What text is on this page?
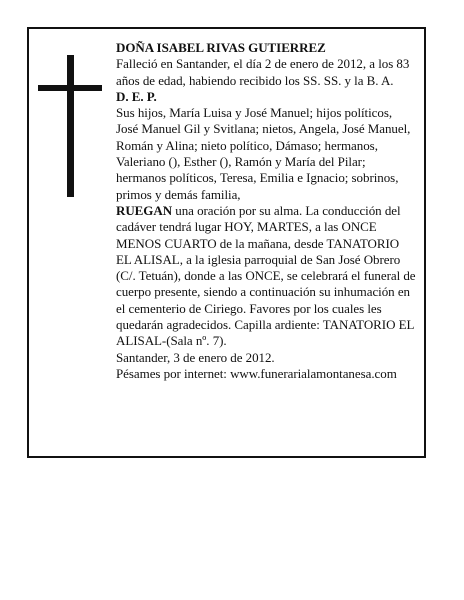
DOÑA ISABEL RIVAS GUTIERREZ

Falleció en Santander, el día 2 de enero de 2012, a los 83 años de edad, habiendo recibido los SS. SS. y la B. A.

D. E. P.

Sus hijos, María Luisa y José Manuel; hijos políticos, José Manuel Gil y Svitlana; nietos, Angela, José Manuel, Román y Alina; nieto político, Dámaso; hermanos, Valeriano (), Esther (), Ramón y María del Pilar; hermanos políticos, Teresa, Emilia e Ignacio; sobrinos, primos y demás familia,

RUEGAN una oración por su alma. La conducción del cadáver tendrá lugar HOY, MARTES, a las ONCE MENOS CUARTO de la mañana, desde TANATORIO EL ALISAL, a la iglesia parroquial de San José Obrero (C/. Tetuán), donde a las ONCE, se celebrará el funeral de cuerpo presente, siendo a continuación su inhumación en el cementerio de Ciriego. Favores por los cuales les quedarán agradecidos. Capilla ardiente: TANATORIO EL ALISAL-(Sala nº. 7).

Santander, 3 de enero de 2012.

Pésames por internet: www.funerarialamontanesa.com
